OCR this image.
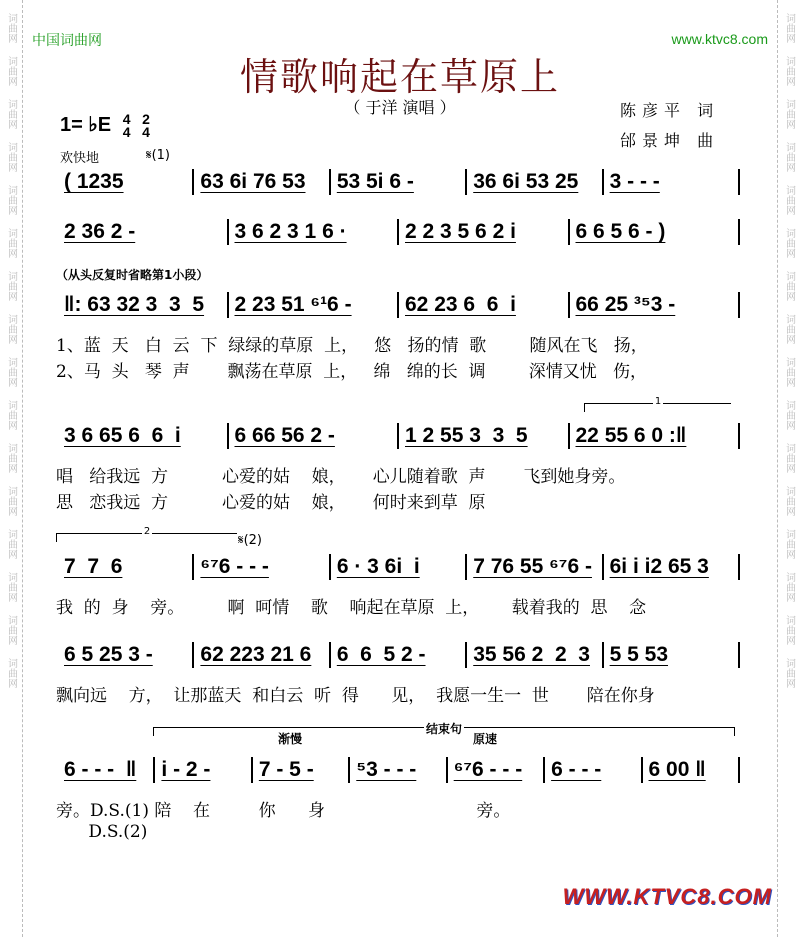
词曲网
词曲网
词曲网
词曲网
词曲网
词曲网
词曲网
词曲网
词曲网
词曲网
词曲网
词曲网
词曲网
词曲网
词曲网
词曲网
词曲网
词曲网
词曲网
词曲网
词曲网
词曲网
词曲网
词曲网
词曲网
词曲网
词曲网
词曲网
词曲网
词曲网
词曲网
词曲网
中国词曲网	www.ktvc8.com
情歌响起在草原上
（ 于洋 演唱 ）	陈彦平 词
邰景坤 曲
1= ♭E 4
4

2
4
欢快地	𝄋(1)
𝄋(2)
（从头反复时省略第1小段）
1
2
结束句
渐慢	原速
( 1235	63 6i 76 53	53 5i 6 -	36 6i 53 25	3 - - -
2 36 2 -	3 6 2 3 1 6 ·	2 2 3 5 6 2 i	6 6 5 6 - )
‖: 63 32 3  3  5	2 23 51 ⁶¹6 -	62 23 6  6  i	66 25 ³⁵3 -
3 6 65 6  6  i	6 66 56 2 -	1 2 55 3  3  5	22 55 6 0 :‖
7  7  6	⁶⁷6 - - -	6 · 3 6i  i	7 76 55 ⁶⁷6 - 6i i i2 65 3
6 5 25 3 -	62 223 21 6	6  6  5 2 -	35 56 2  2  3 5 5 53
6 - - -  ‖	i - 2 -	7 - 5 -	⁵3 - - -	⁶⁷6 - - -	6 - - -	6 00 ‖
1、蓝  天   白  云  下  绿绿的草原  上，   悠   扬的情  歌        随风在飞   扬，
2、马  头   琴  声       飘荡在草原  上，   绵   绵的长  调        深情又忧   伤，
唱   给我远  方          心爱的姑    娘，     心儿随着歌  声       飞到她身旁。
思   恋我远  方          心爱的姑    娘，     何时来到草  原
我  的  身    旁。        啊  呵情    歌    响起在草原  上，      载着我的  思    念
飘向远    方，  让那蓝天  和白云  听  得      见，  我愿一生一  世       陪在你身
旁。D.S.(1) 陪    在         你      身                            旁。
D.S.(2)
WWW.KTVC8.COM
